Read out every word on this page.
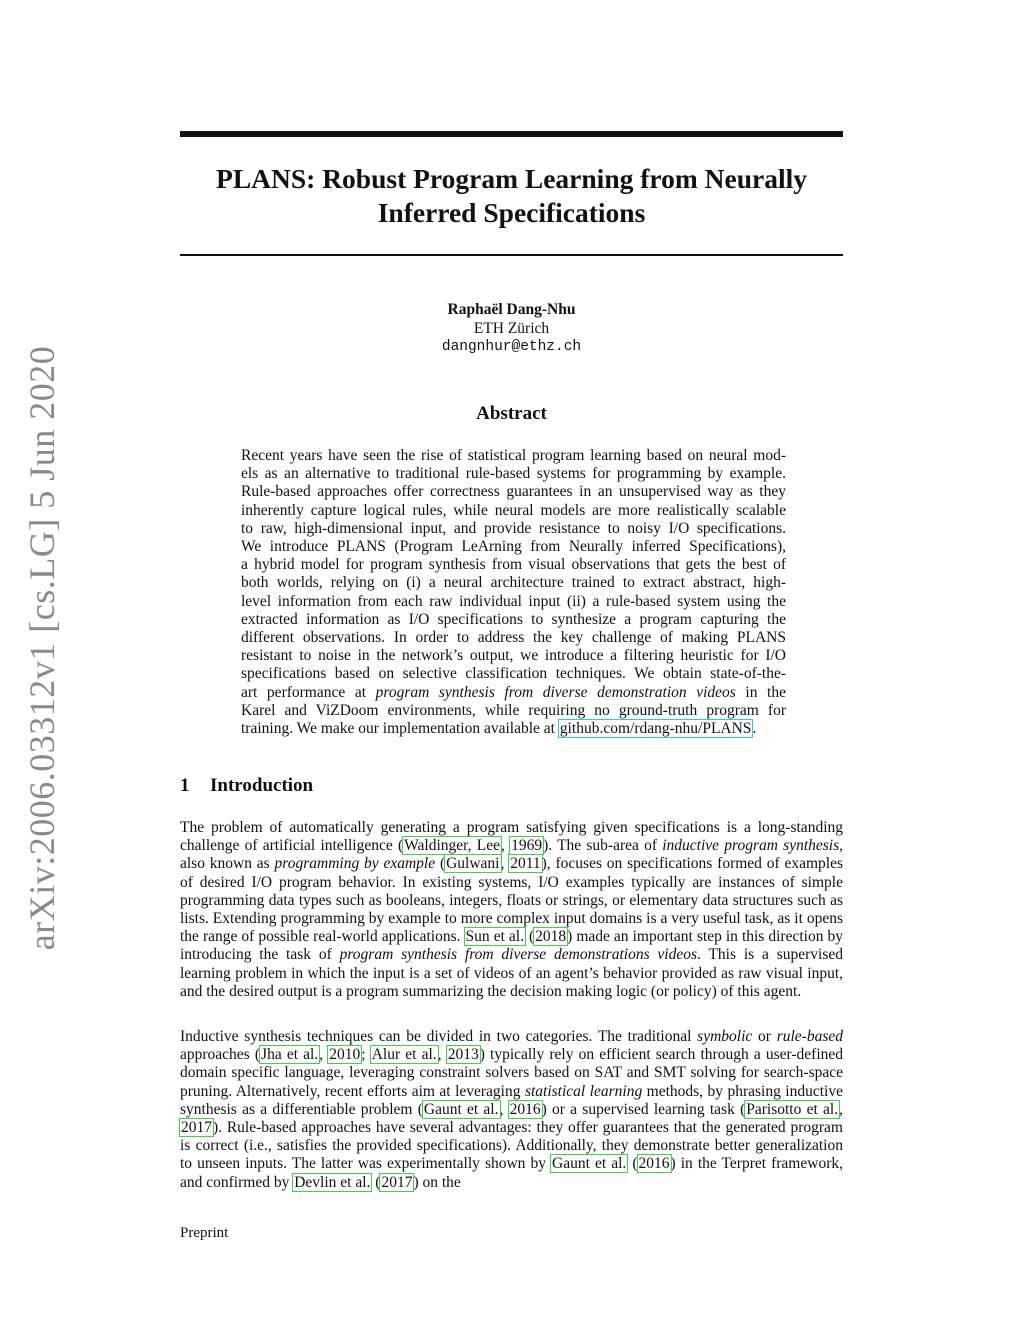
arXiv:2006.03312v1 [cs.LG] 5 Jun 2020
PLANS: Robust Program Learning from Neurally
Inferred Specifications
Raphaël Dang-Nhu
ETH Zürich
dangnhur@ethz.ch
Abstract
Recent years have seen the rise of statistical program learning based on neural mod-
els as an alternative to traditional rule-based systems for programming by example.
Rule-based approaches offer correctness guarantees in an unsupervised way as they
inherently capture logical rules, while neural models are more realistically scalable
to raw, high-dimensional input, and provide resistance to noisy I/O specifications.
We introduce PLANS (Program LeArning from Neurally inferred Specifications),
a hybrid model for program synthesis from visual observations that gets the best of
both worlds, relying on (i) a neural architecture trained to extract abstract, high-
level information from each raw individual input (ii) a rule-based system using the
extracted information as I/O specifications to synthesize a program capturing the
different observations. In order to address the key challenge of making PLANS
resistant to noise in the network’s output, we introduce a filtering heuristic for I/O
specifications based on selective classification techniques. We obtain state-of-the-
art performance at program synthesis from diverse demonstration videos in the
Karel and ViZDoom environments, while requiring no ground-truth program for
training. We make our implementation available at github.com/rdang-nhu/PLANS.
1 Introduction

The problem of automatically generating a program satisfying given specifications is a long-standing challenge of artificial intelligence (Waldinger, Lee, 1969). The sub-area of inductive program synthesis, also known as programming by example (Gulwani, 2011), focuses on specifications formed of examples of desired I/O program behavior. In existing systems, I/O examples typically are instances of simple programming data types such as booleans, integers, floats or strings, or elementary data structures such as lists. Extending programming by example to more complex input domains is a very useful task, as it opens the range of possible real-world applications. Sun et al. (2018) made an important step in this direction by introducing the task of program synthesis from diverse demonstrations videos. This is a supervised learning problem in which the input is a set of videos of an agent’s behavior provided as raw visual input, and the desired output is a program summarizing the decision making logic (or policy) of this agent.

Inductive synthesis techniques can be divided in two categories. The traditional symbolic or rule-based approaches (Jha et al., 2010; Alur et al., 2013) typically rely on efficient search through a user-defined domain specific language, leveraging constraint solvers based on SAT and SMT solving for search-space pruning. Alternatively, recent efforts aim at leveraging statistical learning methods, by phrasing inductive synthesis as a differentiable problem (Gaunt et al., 2016) or a supervised learning task (Parisotto et al., 2017). Rule-based approaches have several advantages: they offer guarantees that the generated program is correct (i.e., satisfies the provided specifications). Additionally, they demonstrate better generalization to unseen inputs. The latter was experimentally shown by Gaunt et al. (2016) in the Terpret framework, and confirmed by Devlin et al. (2017) on the

Preprint
